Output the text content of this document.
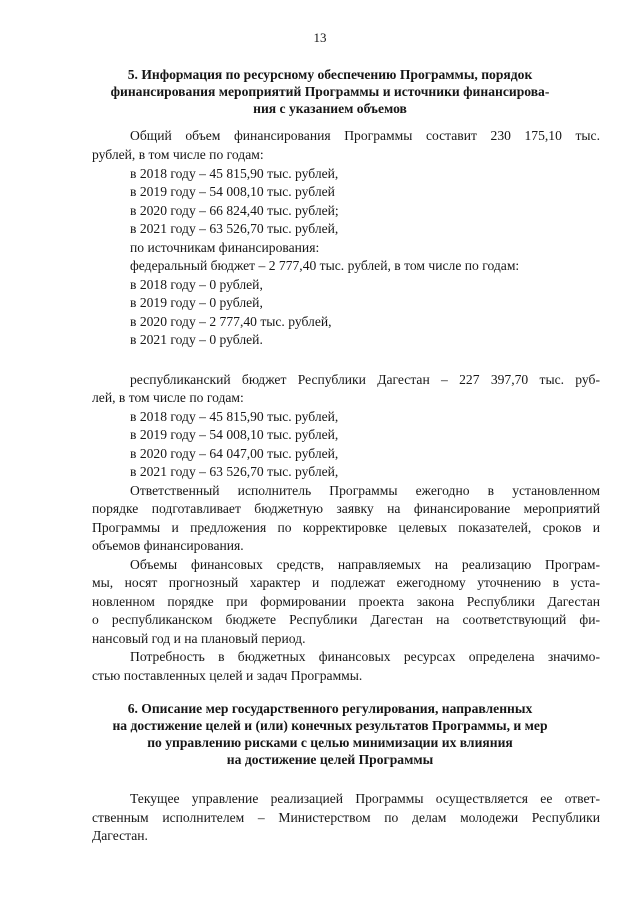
13
5. Информация по ресурсному обеспечению Программы, порядок
финансирования мероприятий Программы и источники финансирова-
ния с указанием объемов
Общий объем финансирования Программы составит 230 175,10 тыс.
рублей, в том числе по годам:
в 2018 году – 45 815,90 тыс. рублей,
в 2019 году – 54 008,10 тыс. рублей
в 2020 году – 66 824,40 тыс. рублей;
в 2021 году – 63 526,70 тыс. рублей,
по источникам финансирования:
федеральный бюджет – 2 777,40 тыс. рублей, в том числе по годам:
в 2018 году – 0 рублей,
в 2019 году – 0 рублей,
в 2020 году – 2 777,40 тыс. рублей,
в 2021 году – 0 рублей.
республиканский бюджет Республики Дагестан – 227 397,70 тыс. руб-
лей, в том числе по годам:
в 2018 году – 45 815,90 тыс. рублей,
в 2019 году – 54 008,10 тыс. рублей,
в 2020 году – 64 047,00 тыс. рублей,
в 2021 году – 63 526,70 тыс. рублей,
Ответственный исполнитель Программы ежегодно в установленном
порядке подготавливает бюджетную заявку на финансирование мероприятий
Программы и предложения по корректировке целевых показателей, сроков и
объемов финансирования.
Объемы финансовых средств, направляемых на реализацию Програм-
мы, носят прогнозный характер и подлежат ежегодному уточнению в уста-
новленном порядке при формировании проекта закона Республики Дагестан
о республиканском бюджете Республики Дагестан на соответствующий фи-
нансовый год и на плановый период.
Потребность в бюджетных финансовых ресурсах определена значимо-
стью поставленных целей и задач Программы.
6. Описание мер государственного регулирования, направленных
на достижение целей и (или) конечных результатов Программы, и мер
по управлению рисками с целью минимизации их влияния
на достижение целей Программы
Текущее управление реализацией Программы осуществляется ее ответ-
ственным исполнителем – Министерством по делам молодежи Республики
Дагестан.
